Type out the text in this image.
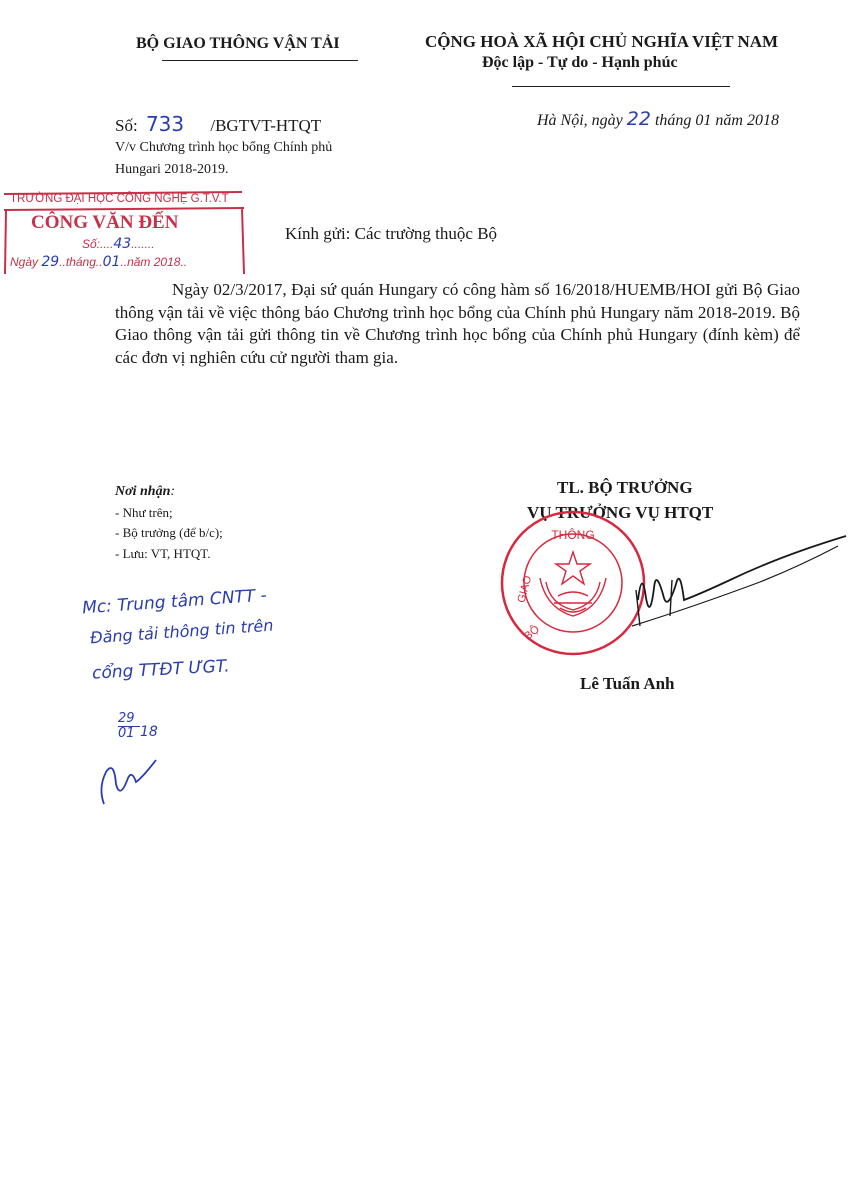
BỘ GIAO THÔNG VẬN TẢI	CỘNG HOÀ XÃ HỘI CHỦ NGHĨA VIỆT NAM
Độc lập - Tự do - Hạnh phúc
Số: 733 /BGTVT-HTQT	Hà Nội, ngày 22 tháng 01 năm 2018
V/v Chương trình học bổng Chính phủ
Hungari 2018-2019.
TRƯỜNG ĐẠI HỌC CÔNG NGHỆ G.T.V.T
CÔNG VĂN ĐẾN
Số:....43.......
Ngày 29..tháng..01..năm 2018..
Kính gửi: Các trường thuộc Bộ

Ngày 02/3/2017, Đại sứ quán Hungary có công hàm số 16/2018/HUEMB/HOI gửi Bộ Giao thông vận tải về việc thông báo Chương trình học bổng của Chính phủ Hungary năm 2018-2019. Bộ Giao thông vận tải gửi thông tin về Chương trình học bổng của Chính phủ Hungary (đính kèm) để các đơn vị nghiên cứu cử người tham gia.

Nơi nhận:
- Như trên;
- Bộ trưởng (để b/c);
- Lưu: VT, HTQT.
TL. BỘ TRƯỞNG
VỤ TRƯỞNG VỤ HTQT
THÔNG
GIAO
BỘ
Lê Tuấn Anh
Mc: Trung tâm CNTT -
Đăng tải thông tin trên
cổng TTĐT ƯGT.
29
01 18
